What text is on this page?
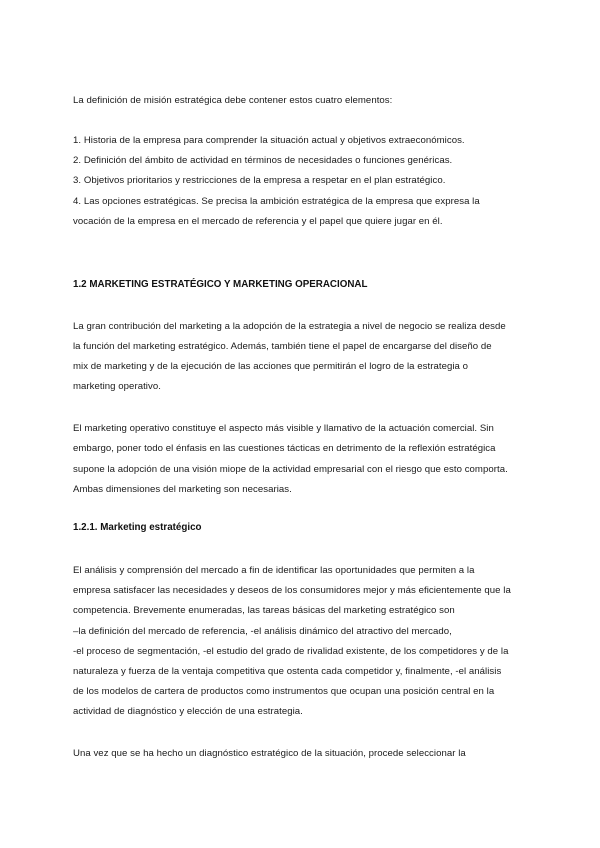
La definición de misión estratégica debe contener estos cuatro elementos:
1. Historia de la empresa para comprender la situación actual y objetivos extraeconómicos.
2. Definición del ámbito de actividad en términos de necesidades o funciones genéricas.
3. Objetivos prioritarios y restricciones de la empresa a respetar en el plan estratégico.
4. Las opciones estratégicas. Se precisa la ambición estratégica de la empresa que expresa la
vocación de la empresa en el mercado de referencia y el papel que quiere jugar en él.
1.2 MARKETING ESTRATÉGICO Y MARKETING OPERACIONAL
La gran contribución del marketing a la adopción de la estrategia a nivel de negocio se realiza desde
la función del marketing estratégico. Además, también tiene el papel de encargarse del diseño de
mix de marketing y de la ejecución de las acciones que permitirán el logro de la estrategia o
marketing operativo.
El marketing operativo constituye el aspecto más visible y llamativo de la actuación comercial. Sin
embargo, poner todo el énfasis en las cuestiones tácticas en detrimento de la reflexión estratégica
supone la adopción de una visión miope de la actividad empresarial con el riesgo que esto comporta.
Ambas dimensiones del marketing son necesarias.
1.2.1. Marketing estratégico
El análisis y comprensión del mercado a fin de identificar las oportunidades que permiten a la
empresa satisfacer las necesidades y deseos de los consumidores mejor y más eficientemente que la
competencia. Brevemente enumeradas, las tareas básicas del marketing estratégico son
–la definición del mercado de referencia, -el análisis dinámico del atractivo del mercado,
-el proceso de segmentación, -el estudio del grado de rivalidad existente, de los competidores y de la
naturaleza y fuerza de la ventaja competitiva que ostenta cada competidor y, finalmente, -el análisis
de los modelos de cartera de productos como instrumentos que ocupan una posición central en la
actividad de diagnóstico y elección de una estrategia.
Una vez que se ha hecho un diagnóstico estratégico de la situación, procede seleccionar la
